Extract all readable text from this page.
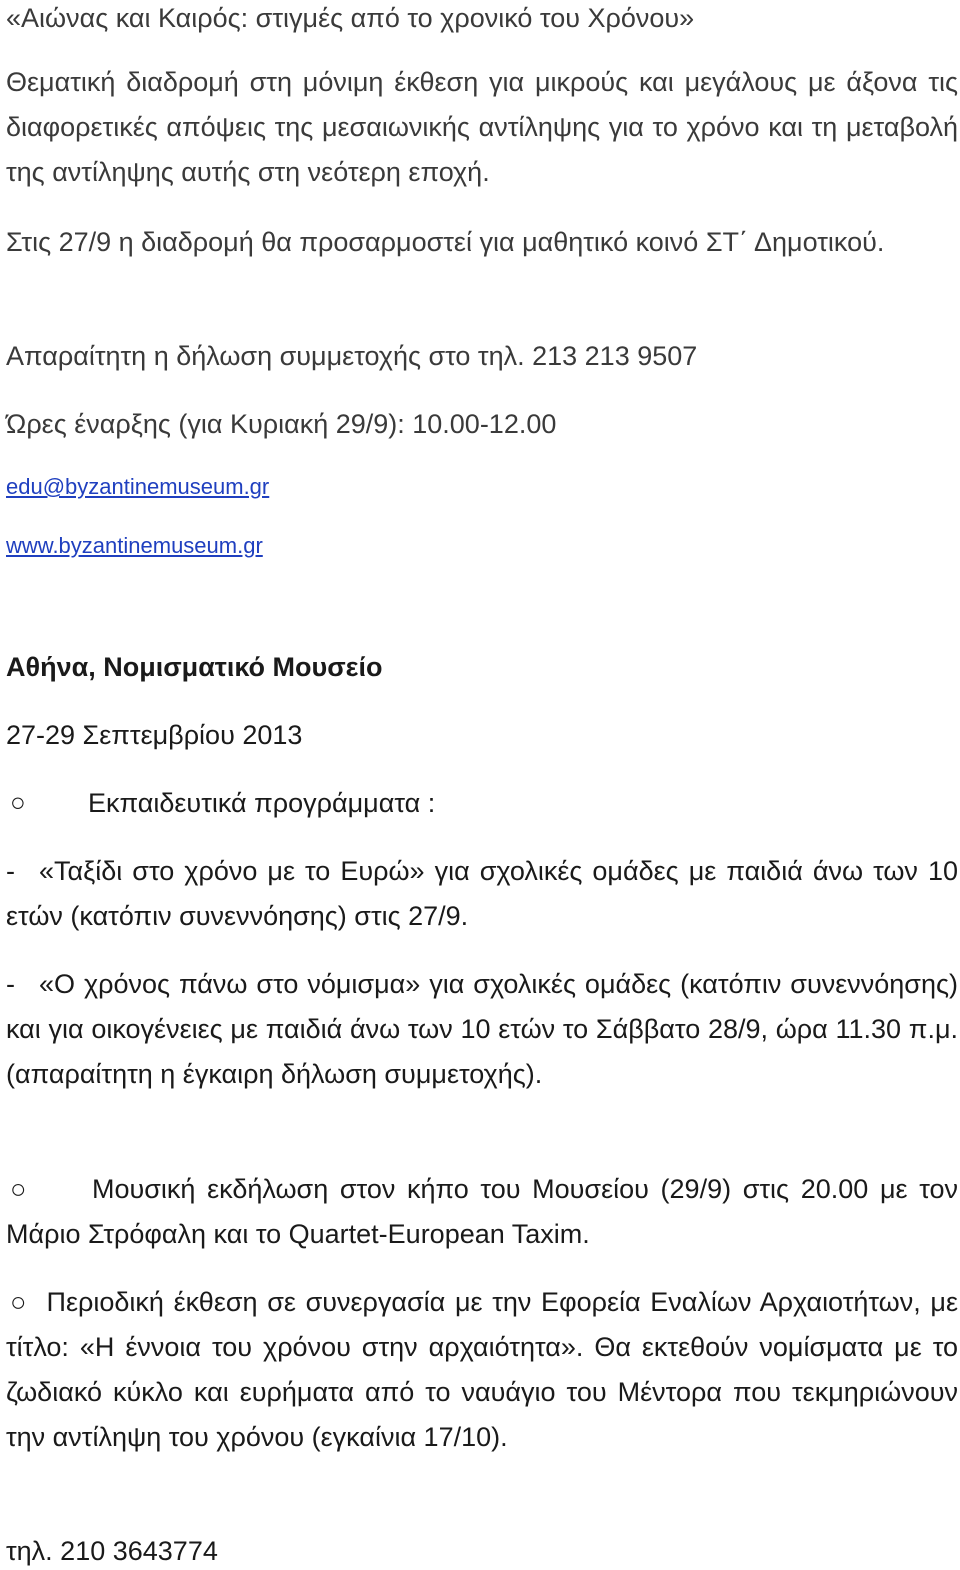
«Αιώνας και Καιρός: στιγμές από το χρονικό του Χρόνου»
Θεματική διαδρομή στη μόνιμη έκθεση για μικρούς και μεγάλους με άξονα τις διαφορετικές απόψεις της μεσαιωνικής αντίληψης για το χρόνο και τη μεταβολή της αντίληψης αυτής στη νεότερη εποχή.
Στις 27/9 η διαδρομή θα προσαρμοστεί για μαθητικό κοινό ΣΤ΄ Δημοτικού.
Απαραίτητη η δήλωση συμμετοχής στο τηλ. 213 213 9507
Ώρες έναρξης (για Κυριακή 29/9): 10.00-12.00
edu@byzantinemuseum.gr
www.byzantinemuseum.gr
Αθήνα, Νομισματικό Μουσείο
27-29 Σεπτεμβρίου 2013
○ Εκπαιδευτικά προγράμματα :
- «Ταξίδι στο χρόνο με το Ευρώ» για σχολικές ομάδες με παιδιά άνω των 10 ετών (κατόπιν συνεννόησης) στις 27/9.
- «Ο χρόνος πάνω στο νόμισμα» για σχολικές ομάδες (κατόπιν συνεννόησης) και για οικογένειες με παιδιά άνω των 10 ετών το Σάββατο 28/9, ώρα 11.30 π.μ. (απαραίτητη η έγκαιρη δήλωση συμμετοχής).
○ Μουσική εκδήλωση στον κήπο του Μουσείου (29/9) στις 20.00 με τον Μάριο Στρόφαλη και το Quartet-European Taxim.
○ Περιοδική έκθεση σε συνεργασία με την Εφορεία Εναλίων Αρχαιοτήτων, με τίτλο: «Η έννοια του χρόνου στην αρχαιότητα». Θα εκτεθούν νομίσματα με το ζωδιακό κύκλο και ευρήματα από το ναυάγιο του Μέντορα που τεκμηριώνουν την αντίληψη του χρόνου (εγκαίνια 17/10).
τηλ. 210 3643774
